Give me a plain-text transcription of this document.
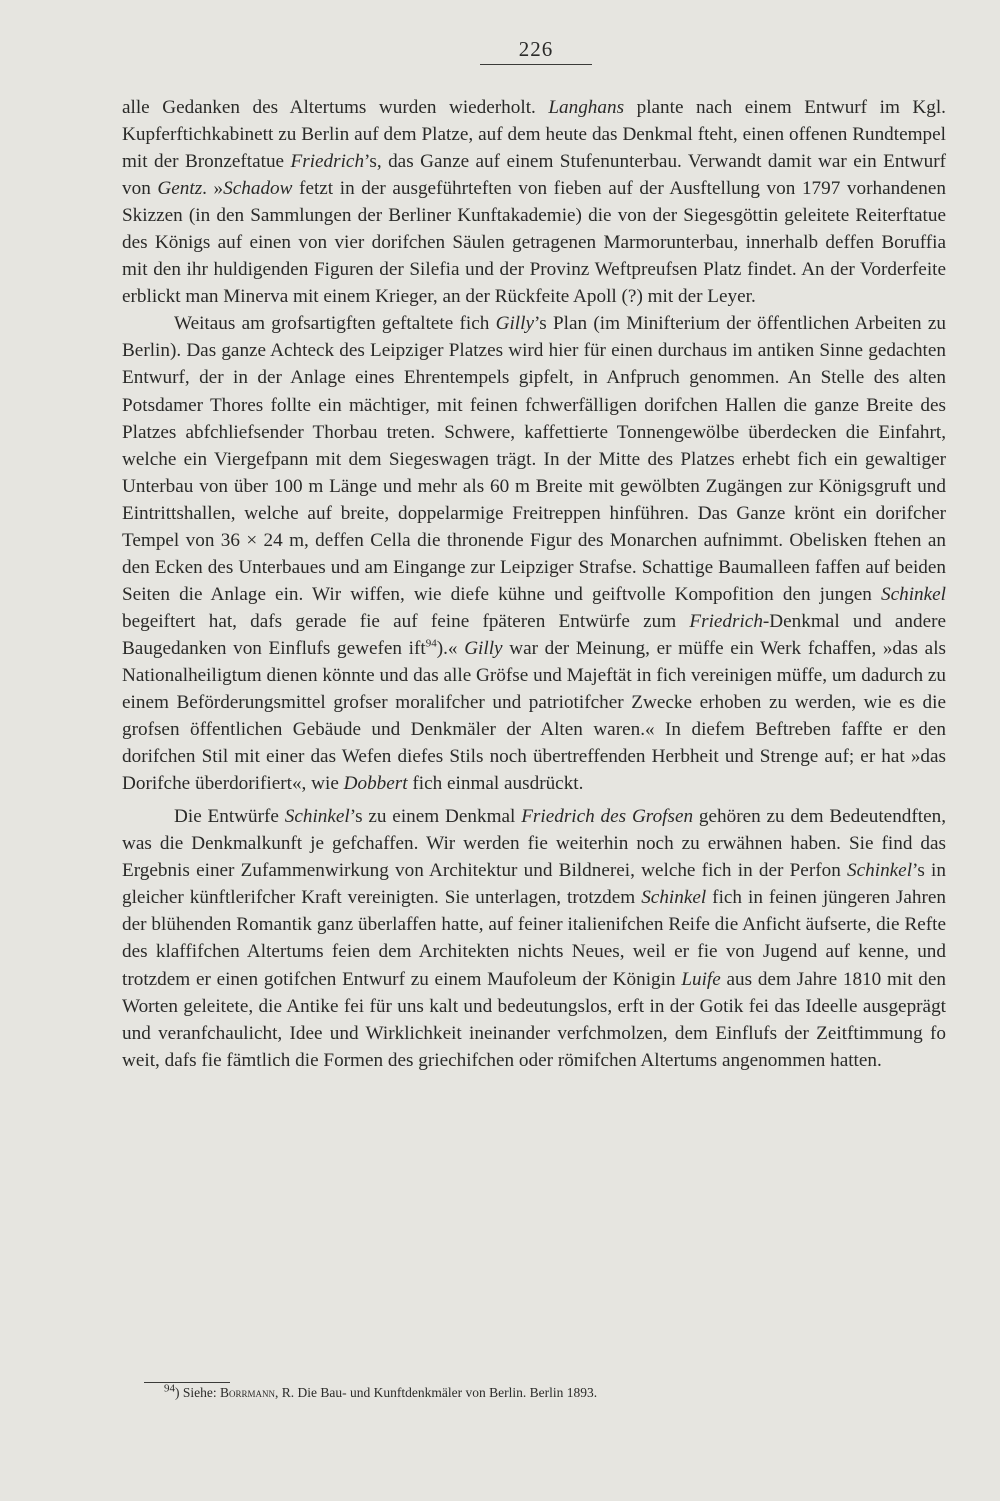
226

alle Gedanken des Altertums wurden wiederholt. Langhans plante nach einem Entwurf im Kgl. Kupferftichkabinett zu Berlin auf dem Platze, auf dem heute das Denkmal fteht, einen offenen Rundtempel mit der Bronzeftatue Friedrich’s, das Ganze auf einem Stufenunterbau. Verwandt damit war ein Entwurf von Gentz. »Schadow fetzt in der ausgeführteften von fieben auf der Ausftellung von 1797 vorhandenen Skizzen (in den Sammlungen der Berliner Kunftakademie) die von der Siegesgöttin geleitete Reiterftatue des Königs auf einen von vier dorifchen Säulen getragenen Marmorunterbau, innerhalb deffen Boruffia mit den ihr huldigenden Figuren der Silefia und der Provinz Weftpreufsen Platz findet. An der Vorderfeite erblickt man Minerva mit einem Krieger, an der Rückfeite Apoll (?) mit der Leyer.

Weitaus am grofsartigften geftaltete fich Gilly’s Plan (im Minifterium der öffentlichen Arbeiten zu Berlin). Das ganze Achteck des Leipziger Platzes wird hier für einen durchaus im antiken Sinne gedachten Entwurf, der in der Anlage eines Ehrentempels gipfelt, in Anfpruch genommen. An Stelle des alten Potsdamer Thores follte ein mächtiger, mit feinen fchwerfälligen dorifchen Hallen die ganze Breite des Platzes abfchliefsender Thorbau treten. Schwere, kaffettierte Tonnengewölbe überdecken die Einfahrt, welche ein Viergefpann mit dem Siegeswagen trägt. In der Mitte des Platzes erhebt fich ein gewaltiger Unterbau von über 100 m Länge und mehr als 60 m Breite mit gewölbten Zugängen zur Königsgruft und Eintrittshallen, welche auf breite, doppelarmige Freitreppen hinführen. Das Ganze krönt ein dorifcher Tempel von 36 × 24 m, deffen Cella die thronende Figur des Monarchen aufnimmt. Obelisken ftehen an den Ecken des Unterbaues und am Eingange zur Leipziger Strafse. Schattige Baumalleen faffen auf beiden Seiten die Anlage ein. Wir wiffen, wie diefe kühne und geiftvolle Kompofition den jungen Schinkel begeiftert hat, dafs gerade fie auf feine fpäteren Entwürfe zum Friedrich-Denkmal und andere Baugedanken von Einflufs gewefen ift$^{94}$).« Gilly war der Meinung, er müffe ein Werk fchaffen, »das als Nationalheiligtum dienen könnte und das alle Gröfse und Majeftät in fich vereinigen müffe, um dadurch zu einem Beförderungsmittel grofser moralifcher und patriotifcher Zwecke erhoben zu werden, wie es die grofsen öffentlichen Gebäude und Denkmäler der Alten waren.« In diefem Beftreben faffte er den dorifchen Stil mit einer das Wefen diefes Stils noch übertreffenden Herbheit und Strenge auf; er hat »das Dorifche überdorifiert«, wie Dobbert fich einmal ausdrückt.

Die Entwürfe Schinkel’s zu einem Denkmal Friedrich des Grofsen gehören zu dem Bedeutendften, was die Denkmalkunft je gefchaffen. Wir werden fie weiterhin noch zu erwähnen haben. Sie find das Ergebnis einer Zufammenwirkung von Architektur und Bildnerei, welche fich in der Perfon Schinkel’s in gleicher künftlerifcher Kraft vereinigten. Sie unterlagen, trotzdem Schinkel fich in feinen jüngeren Jahren der blühenden Romantik ganz überlaffen hatte, auf feiner italienifchen Reife die Anficht äufserte, die Refte des klaffifchen Altertums feien dem Architekten nichts Neues, weil er fie von Jugend auf kenne, und trotzdem er einen gotifchen Entwurf zu einem Maufoleum der Königin Luife aus dem Jahre 1810 mit den Worten geleitete, die Antike fei für uns kalt und bedeutungslos, erft in der Gotik fei das Ideelle ausgeprägt und veranfchaulicht, Idee und Wirklichkeit ineinander verfchmolzen, dem Einflufs der Zeitftimmung fo weit, dafs fie fämtlich die Formen des griechifchen oder römifchen Altertums angenommen hatten.

$^{94}$) Siehe: Borrmann, R. Die Bau- und Kunftdenkmäler von Berlin. Berlin 1893.
